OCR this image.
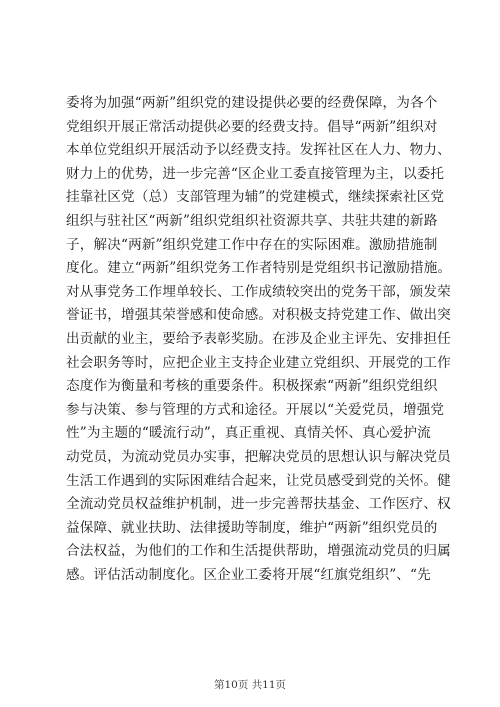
委将为加强“两新”组织党的建设提供必要的经费保障，为各个
党组织开展正常活动提供必要的经费支持。倡导“两新”组织对
本单位党组织开展活动予以经费支持。发挥社区在人力、物力、
财力上的优势，进一步完善“区企业工委直接管理为主，以委托
挂靠社区党（总）支部管理为辅”的党建模式，继续探索社区党
组织与驻社区“两新”组织党组织社资源共享、共驻共建的新路
子，解决“两新”组织党建工作中存在的实际困难。激励措施制
度化。建立“两新”组织党务工作者特别是党组织书记激励措施。
对从事党务工作埋单较长、工作成绩较突出的党务干部，颁发荣
誉证书，增强其荣誉感和使命感。对积极支持党建工作、做出突
出贡献的业主，要给予表彰奖励。在涉及企业主评先、安排担任
社会职务等时，应把企业主支持企业建立党组织、开展党的工作
态度作为衡量和考核的重要条件。积极探索“两新”组织党组织
参与决策、参与管理的方式和途径。开展以“关爱党员，增强党
性”为主题的“暖流行动”，真正重视、真情关怀、真心爱护流
动党员，为流动党员办实事，把解决党员的思想认识与解决党员
生活工作遇到的实际困难结合起来，让党员感受到党的关怀。健
全流动党员权益维护机制，进一步完善帮扶基金、工作医疗、权
益保障、就业扶助、法律援助等制度，维护“两新”组织党员的
合法权益，为他们的工作和生活提供帮助，增强流动党员的归属
感。评估活动制度化。区企业工委将开展“红旗党组织”、“先
第10页 共11页
